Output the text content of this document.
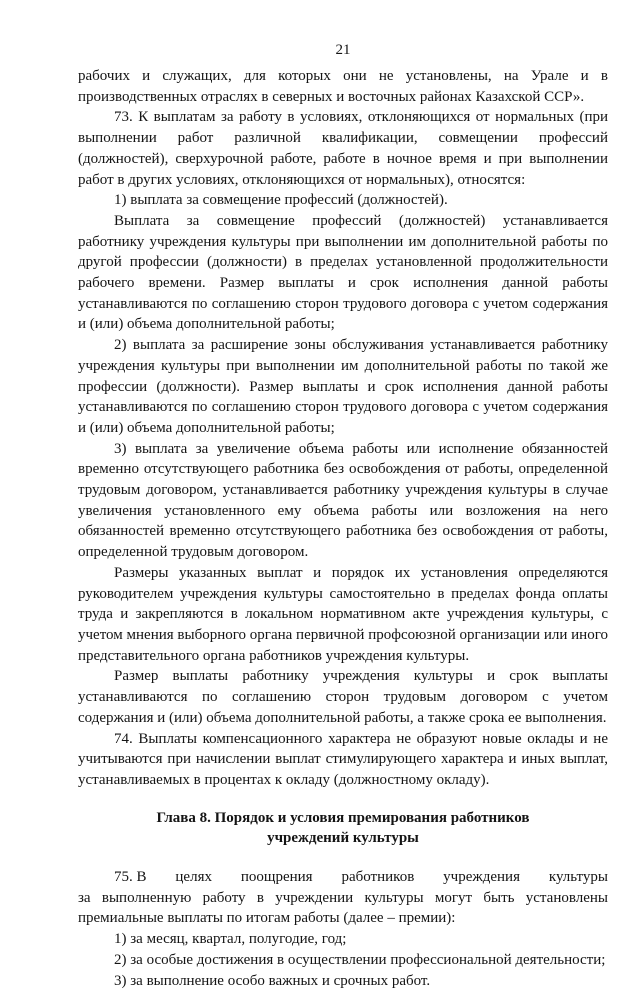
21

рабочих и служащих, для которых они не установлены, на Урале и в производственных отраслях в северных и восточных районах Казахской ССР».

73. К выплатам за работу в условиях, отклоняющихся от нормальных (при выполнении работ различной квалификации, совмещении профессий (должностей), сверхурочной работе, работе в ночное время и при выполнении работ в других условиях, отклоняющихся от нормальных), относятся:

1) выплата за совмещение профессий (должностей).

Выплата за совмещение профессий (должностей) устанавливается работнику учреждения культуры при выполнении им дополнительной работы по другой профессии (должности) в пределах установленной продолжительности рабочего времени. Размер выплаты и срок исполнения данной работы устанавливаются по соглашению сторон трудового договора с учетом содержания и (или) объема дополнительной работы;

2) выплата за расширение зоны обслуживания устанавливается работнику учреждения культуры при выполнении им дополнительной работы по такой же профессии (должности). Размер выплаты и срок исполнения данной работы устанавливаются по соглашению сторон трудового договора с учетом содержания и (или) объема дополнительной работы;

3) выплата за увеличение объема работы или исполнение обязанностей временно отсутствующего работника без освобождения от работы, определенной трудовым договором, устанавливается работнику учреждения культуры в случае увеличения установленного ему объема работы или возложения на него обязанностей временно отсутствующего работника без освобождения от работы, определенной трудовым договором.

Размеры указанных выплат и порядок их установления определяются руководителем учреждения культуры самостоятельно в пределах фонда оплаты труда и закрепляются в локальном нормативном акте учреждения культуры, с учетом мнения выборного органа первичной профсоюзной организации или иного представительного органа работников учреждения культуры.

Размер выплаты работнику учреждения культуры и срок выплаты устанавливаются по соглашению сторон трудовым договором с учетом содержания и (или) объема дополнительной работы, а также срока ее выполнения.

74. Выплаты компенсационного характера не образуют новые оклады и не учитываются при начислении выплат стимулирующего характера и иных выплат, устанавливаемых в процентах к окладу (должностному окладу).

Глава 8. Порядок и условия премирования работников
учреждений культуры
75. В целях поощрения работников учреждения культуры

за выполненную работу в учреждении культуры могут быть установлены премиальные выплаты по итогам работы (далее – премии):

1) за месяц, квартал, полугодие, год;

2) за особые достижения в осуществлении профессиональной деятельности;

3) за выполнение особо важных и срочных работ.
